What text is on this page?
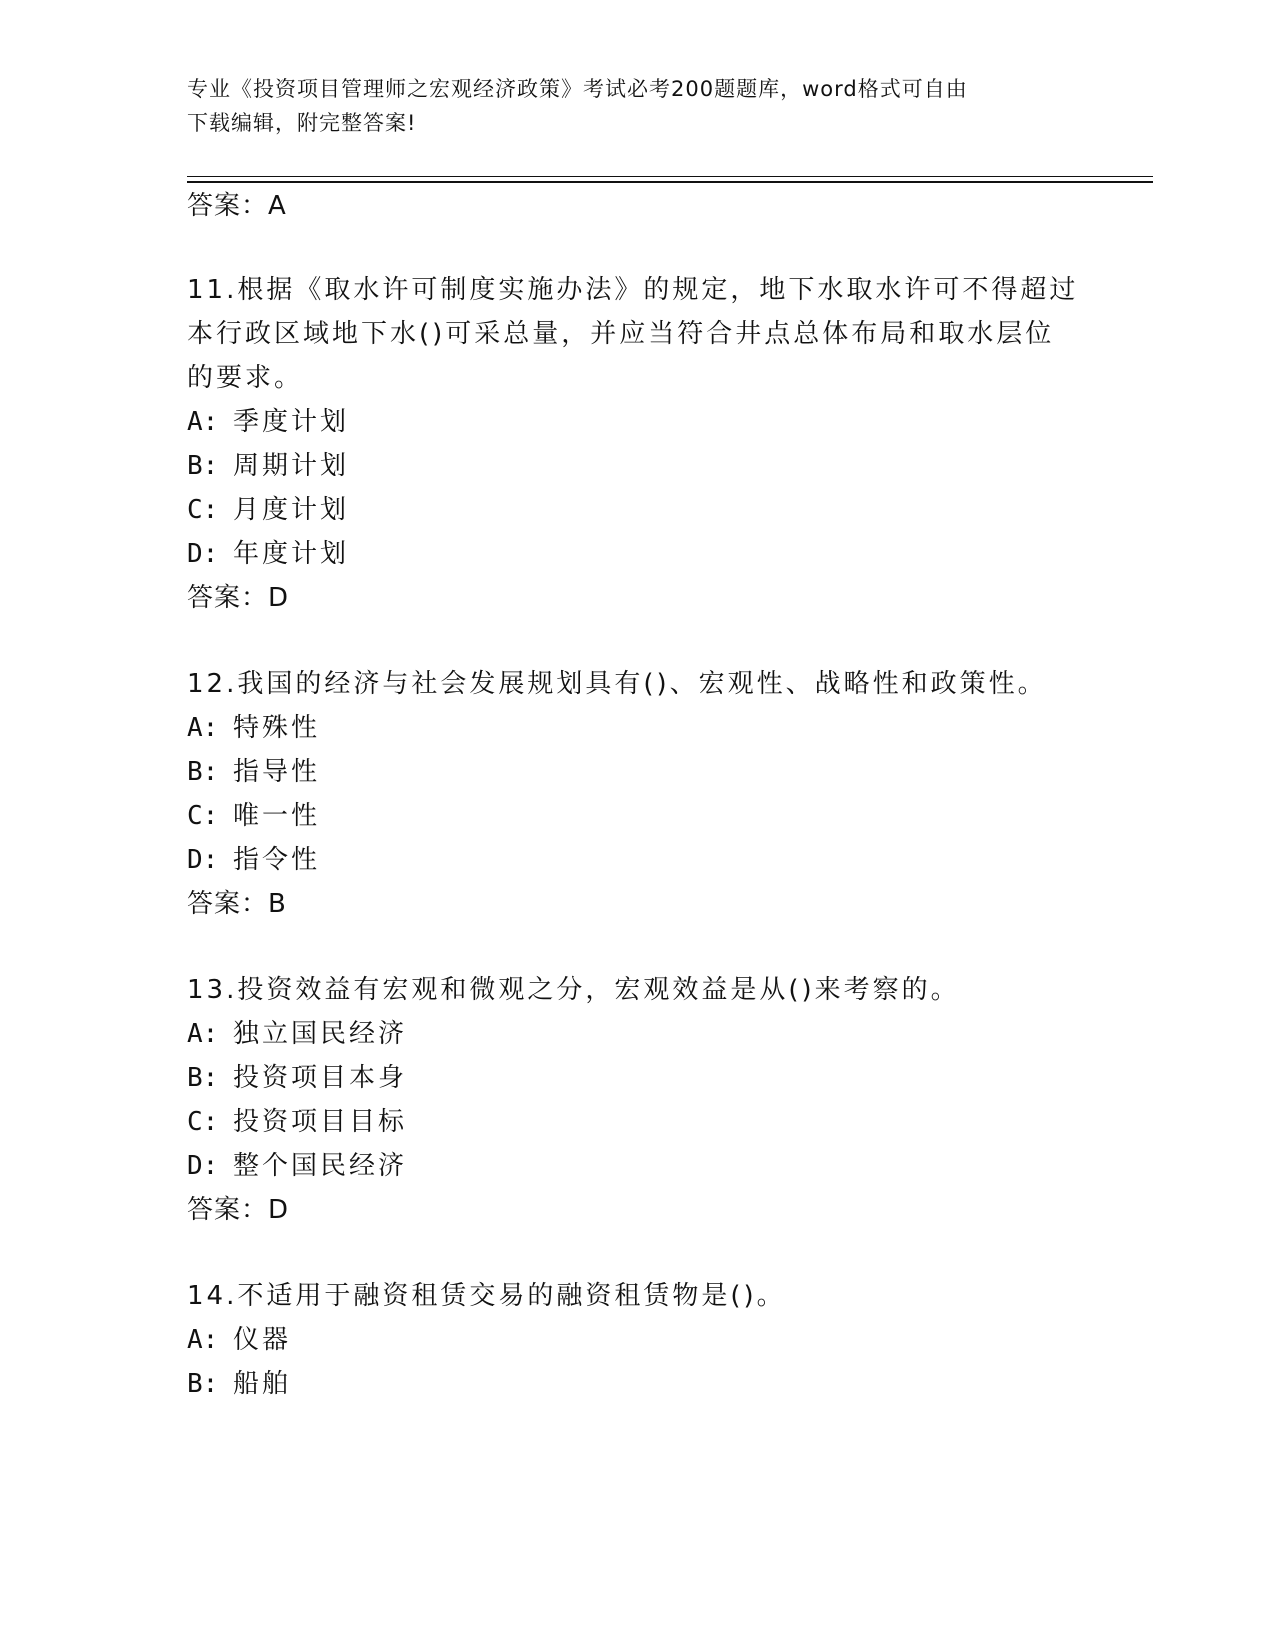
专业《投资项目管理师之宏观经济政策》考试必考200题题库，word格式可自由
下载编辑，附完整答案!
答案：A
11.根据《取水许可制度实施办法》的规定，地下水取水许可不得超过
本行政区域地下水()可采总量，并应当符合井点总体布局和取水层位
的要求。
A: 季度计划
B: 周期计划
C: 月度计划
D: 年度计划
答案：D
12.我国的经济与社会发展规划具有()、宏观性、战略性和政策性。
A: 特殊性
B: 指导性
C: 唯一性
D: 指令性
答案：B
13.投资效益有宏观和微观之分，宏观效益是从()来考察的。
A: 独立国民经济
B: 投资项目本身
C: 投资项目目标
D: 整个国民经济
答案：D
14.不适用于融资租赁交易的融资租赁物是()。
A: 仪器
B: 船舶
